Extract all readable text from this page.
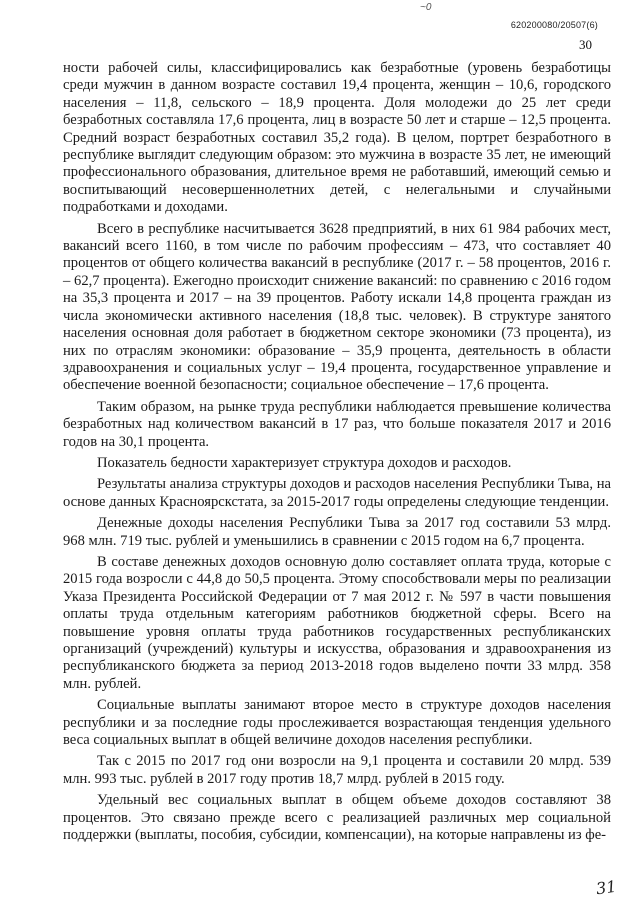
~0
620200080/20507(6)
30

ности рабочей силы, классифицировались как безработные (уровень безработицы среди мужчин в данном возрасте составил 19,4 процента, женщин – 10,6, городского населения – 11,8, сельского – 18,9 процента. Доля молодежи до 25 лет среди безработных составляла 17,6 процента, лиц в возрасте 50 лет и старше – 12,5 процента. Средний возраст безработных составил 35,2 года). В целом, портрет безработного в республике выглядит следующим образом: это мужчина в возрасте 35 лет, не имеющий профессионального образования, длительное время не работавший, имеющий семью и воспитывающий несовершеннолетних детей, с нелегальными и случайными подработками и доходами.

Всего в республике насчитывается 3628 предприятий, в них 61 984 рабочих мест, вакансий всего 1160, в том числе по рабочим профессиям – 473, что составляет 40 процентов от общего количества вакансий в республике (2017 г. – 58 процентов, 2016 г. – 62,7 процента). Ежегодно происходит снижение вакансий: по сравнению с 2016 годом на 35,3 процента и 2017 – на 39 процентов. Работу искали 14,8 процента граждан из числа экономически активного населения (18,8 тыс. человек). В структуре занятого населения основная доля работает в бюджетном секторе экономики (73 процента), из них по отраслям экономики: образование – 35,9 процента, деятельность в области здравоохранения и социальных услуг – 19,4 процента, государственное управление и обеспечение военной безопасности; социальное обеспечение – 17,6 процента.

Таким образом, на рынке труда республики наблюдается превышение количества безработных над количеством вакансий в 17 раз, что больше показателя 2017 и 2016 годов на 30,1 процента.

Показатель бедности характеризует структура доходов и расходов.

Результаты анализа структуры доходов и расходов населения Республики Тыва, на основе данных Красноярскстата, за 2015-2017 годы определены следующие тенденции.

Денежные доходы населения Республики Тыва за 2017 год составили 53 млрд. 968 млн. 719 тыс. рублей и уменьшились в сравнении с 2015 годом на 6,7 процента.

В составе денежных доходов основную долю составляет оплата труда, которые с 2015 года возросли с 44,8 до 50,5 процента. Этому способствовали меры по реализации Указа Президента Российской Федерации от 7 мая 2012 г. № 597 в части повышения оплаты труда отдельным категориям работников бюджетной сферы. Всего на повышение уровня оплаты труда работников государственных республиканских организаций (учреждений) культуры и искусства, образования и здравоохранения из республиканского бюджета за период 2013-2018 годов выделено почти 33 млрд. 358 млн. рублей.

Социальные выплаты занимают второе место в структуре доходов населения республики и за последние годы прослеживается возрастающая тенденция удельного веса социальных выплат в общей величине доходов населения республики.

Так с 2015 по 2017 год они возросли на 9,1 процента и составили 20 млрд. 539 млн. 993 тыс. рублей в 2017 году против 18,7 млрд. рублей в 2015 году.

Удельный вес социальных выплат в общем объеме доходов составляют 38 процентов. Это связано прежде всего с реализацией различных мер социальной поддержки (выплаты, пособия, субсидии, компенсации), на которые направлены из фе-

31
